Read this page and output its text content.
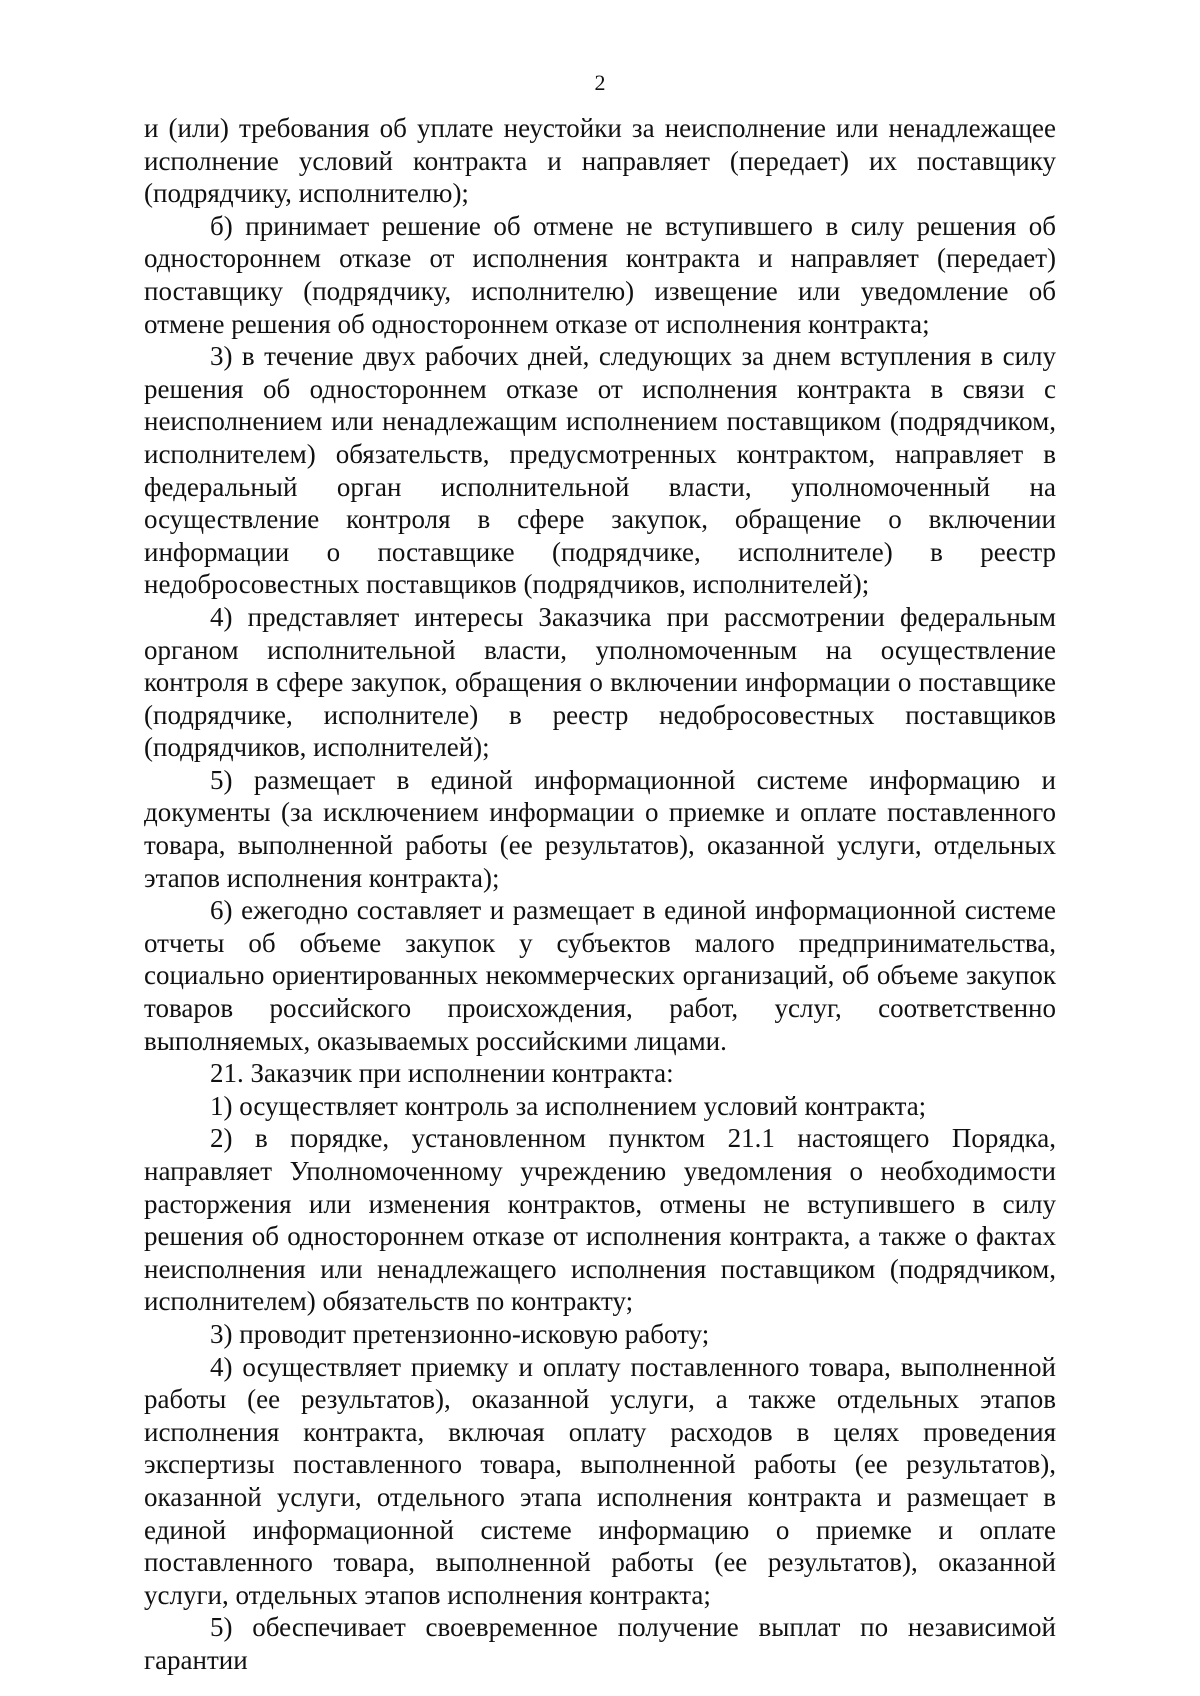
2

и (или) требования об уплате неустойки за неисполнение или ненадлежащее исполнение условий контракта и направляет (передает) их поставщику (подрядчику, исполнителю);

б) принимает решение об отмене не вступившего в силу решения об одностороннем отказе от исполнения контракта и направляет (передает) поставщику (подрядчику, исполнителю) извещение или уведомление об отмене решения об одностороннем отказе от исполнения контракта;

3) в течение двух рабочих дней, следующих за днем вступления в силу решения об одностороннем отказе от исполнения контракта в связи с неисполнением или ненадлежащим исполнением поставщиком (подрядчиком, исполнителем) обязательств, предусмотренных контрактом, направляет в федеральный орган исполнительной власти, уполномоченный на осуществление контроля в сфере закупок, обращение о включении информации о поставщике (подрядчике, исполнителе) в реестр недобросовестных поставщиков (подрядчиков, исполнителей);

4) представляет интересы Заказчика при рассмотрении федеральным органом исполнительной власти, уполномоченным на осуществление контроля в сфере закупок, обращения о включении информации о поставщике (подрядчике, исполнителе) в реестр недобросовестных поставщиков (подрядчиков, исполнителей);

5) размещает в единой информационной системе информацию и документы (за исключением информации о приемке и оплате поставленного товара, выполненной работы (ее результатов), оказанной услуги, отдельных этапов исполнения контракта);

6) ежегодно составляет и размещает в единой информационной системе отчеты об объеме закупок у субъектов малого предпринимательства, социально ориентированных некоммерческих организаций, об объеме закупок товаров российского происхождения, работ, услуг, соответственно выполняемых, оказываемых российскими лицами.

21. Заказчик при исполнении контракта:

1) осуществляет контроль за исполнением условий контракта;

2) в порядке, установленном пунктом 21.1 настоящего Порядка, направляет Уполномоченному учреждению уведомления о необходимости расторжения или изменения контрактов, отмены не вступившего в силу решения об одностороннем отказе от исполнения контракта, а также о фактах неисполнения или ненадлежащего исполнения поставщиком (подрядчиком, исполнителем) обязательств по контракту;

3) проводит претензионно-исковую работу;

4) осуществляет приемку и оплату поставленного товара, выполненной работы (ее результатов), оказанной услуги, а также отдельных этапов исполнения контракта, включая оплату расходов в целях проведения экспертизы поставленного товара, выполненной работы (ее результатов), оказанной услуги, отдельного этапа исполнения контракта и размещает в единой информационной системе информацию о приемке и оплате поставленного товара, выполненной работы (ее результатов), оказанной услуги, отдельных этапов исполнения контракта;

5) обеспечивает своевременное получение выплат по независимой гарантии
